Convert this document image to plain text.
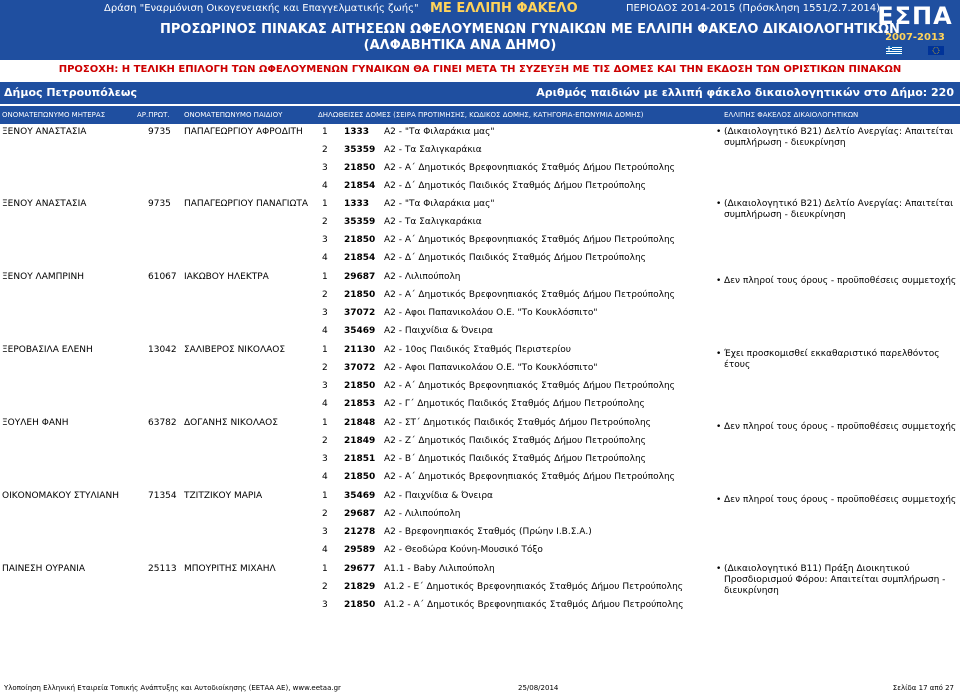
Δράση "Εναρμόνιση Οικογενειακής και Επαγγελματικής ζωής" ΜΕ ΕΛΛΙΠΗ ΦΑΚΕΛΟ	ΠΕΡΙΟΔΟΣ 2014-2015 (Πρόσκληση 1551/2.7.2014)
ΠΡΟΣΩΡΙΝΟΣ ΠΙΝΑΚΑΣ ΑΙΤΗΣΕΩΝ ΩΦΕΛΟΥΜΕΝΩΝ ΓΥΝΑΙΚΩΝ ΜΕ ΕΛΛΙΠΗ ΦΑΚΕΛΟ ΔΙΚΑΙΟΛΟΓΗΤΙΚΩΝ
(ΑΛΦΑΒΗΤΙΚΑ ΑΝΑ ΔΗΜΟ)
ΕΣΠΑ
2007-2013
ΠΡΟΣΟΧΗ: Η ΤΕΛΙΚΗ ΕΠΙΛΟΓΗ ΤΩΝ ΩΦΕΛΟΥΜΕΝΩΝ ΓΥΝΑΙΚΩΝ ΘΑ ΓΙΝΕΙ ΜΕΤΑ ΤΗ ΣΥΖΕΥΞΗ ΜΕ ΤΙΣ ΔΟΜΕΣ ΚΑΙ ΤΗΝ ΕΚΔΟΣΗ ΤΩΝ ΟΡΙΣΤΙΚΩΝ ΠΙΝΑΚΩΝ
Δήμος Πετρουπόλεως	Αριθμός παιδιών με ελλιπή φάκελο δικαιολογητικών στο Δήμο: 220
ΟΝΟΜΑΤΕΠΩΝΥΜΟ ΜΗΤΕΡΑΣ	ΑΡ.ΠΡΩΤ. ΟΝΟΜΑΤΕΠΩΝΥΜΟ ΠΑΙΔΙΟΥ	ΔΗΛΩΘΕΙΣΕΣ ΔΟΜΕΣ (ΣΕΙΡΑ ΠΡΟΤΙΜΗΣΗΣ, ΚΩΔΙΚΟΣ ΔΟΜΗΣ, ΚΑΤΗΓΟΡΙΑ-ΕΠΩΝΥΜΙΑ ΔΟΜΗΣ)	ΕΛΛΙΠΗΣ ΦΑΚΕΛΟΣ ΔΙΚΑΙΟΛΟΓΗΤΙΚΩΝ
ΞΕΝΟΥ ΑΝΑΣΤΑΣΙΑ	9735 ΠΑΠΑΓΕΩΡΓΙΟΥ ΑΦΡΟΔΙΤΗ 1 1333 Α2 - "Τα Φιλαράκια μας"
2 35359 Α2 - Τα Σαλιγκαράκια
3 21850 Α2 - Α΄ Δημοτικός Βρεφονηπιακός Σταθμός Δήμου Πετρούπολης
4 21854 Α2 - Δ΄ Δημοτικός Παιδικός Σταθμός Δήμου Πετρούπολης
• (Δικαιολογητικό Β21) Δελτίο Ανεργίας: Απαιτείται συμπλήρωση - διευκρίνηση
ΞΕΝΟΥ ΑΝΑΣΤΑΣΙΑ	9735 ΠΑΠΑΓΕΩΡΓΙΟΥ ΠΑΝΑΓΙΩΤΑ 1 1333 Α2 - "Τα Φιλαράκια μας"
2 35359 Α2 - Τα Σαλιγκαράκια
3 21850 Α2 - Α΄ Δημοτικός Βρεφονηπιακός Σταθμός Δήμου Πετρούπολης
4 21854 Α2 - Δ΄ Δημοτικός Παιδικός Σταθμός Δήμου Πετρούπολης
• (Δικαιολογητικό Β21) Δελτίο Ανεργίας: Απαιτείται συμπλήρωση - διευκρίνηση
ΞΕΝΟΥ ΛΑΜΠΡΙΝΗ	61067 ΙΑΚΩΒΟΥ ΗΛΕΚΤΡΑ	1 29687 Α2 - Λιλιπούπολη
2 21850 Α2 - Α΄ Δημοτικός Βρεφονηπιακός Σταθμός Δήμου Πετρούπολης
3 37072 Α2 - Αφοι Παπανικολάου Ο.Ε. "Το Κουκλόσπιτο"
4 35469 Α2 - Παιχνίδια & Όνειρα
• Δεν πληροί τους όρους - προϋποθέσεις συμμετοχής
ΞΕΡΟΒΑΣΙΛΑ ΕΛΕΝΗ	13042 ΣΑΛΙΒΕΡΟΣ ΝΙΚΟΛΑΟΣ	1 21130 Α2 - 10ος Παιδικός Σταθμός Περιστερίου
2 37072 Α2 - Αφοι Παπανικολάου Ο.Ε. "Το Κουκλόσπιτο"
3 21850 Α2 - Α΄ Δημοτικός Βρεφονηπιακός Σταθμός Δήμου Πετρούπολης
4 21853 Α2 - Γ΄ Δημοτικός Παιδικός Σταθμός Δήμου Πετρούπολης
• Έχει προσκομισθεί εκκαθαριστικό παρελθόντος έτους
ΞΟΥΛΕΗ ΦΑΝΗ	63782 ΔΟΓΑΝΗΣ ΝΙΚΟΛΑΟΣ	1 21848 Α2 - ΣΤ΄ Δημοτικός Παιδικός Σταθμός Δήμου Πετρούπολης
2 21849 Α2 - Ζ΄ Δημοτικός Παιδικός Σταθμός Δήμου Πετρούπολης
3 21851 Α2 - Β΄ Δημοτικός Παιδικός Σταθμός Δήμου Πετρούπολης
4 21850 Α2 - Α΄ Δημοτικός Βρεφονηπιακός Σταθμός Δήμου Πετρούπολης
• Δεν πληροί τους όρους - προϋποθέσεις συμμετοχής
ΟΙΚΟΝΟΜΑΚΟΥ ΣΤΥΛΙΑΝΗ	71354 ΤΖΙΤΖΙΚΟΥ ΜΑΡΙΑ	1 35469 Α2 - Παιχνίδια & Όνειρα
2 29687 Α2 - Λιλιπούπολη
3 21278 Α2 - Βρεφονηπιακός Σταθμός (Πρώην Ι.Β.Σ.Α.)
4 29589 Α2 - Θεοδώρα Κούνη-Μουσικό Τόξο
• Δεν πληροί τους όρους - προϋποθέσεις συμμετοχής
ΠΑΙΝΕΣΗ ΟΥΡΑΝΙΑ	25113 ΜΠΟΥΡΙΤΗΣ ΜΙΧΑΗΛ	1 29677 Α1.1 - Baby Λιλιπούπολη
2 21829 Α1.2 - Ε΄ Δημοτικός Βρεφονηπιακός Σταθμός Δήμου Πετρούπολης
3 21850 Α1.2 - Α΄ Δημοτικός Βρεφονηπιακός Σταθμός Δήμου Πετρούπολης
• (Δικαιολογητικό Β11) Πράξη Διοικητικού Προσδιορισμού Φόρου: Απαιτείται συμπλήρωση - διευκρίνηση
Υλοποίηση Ελληνική Εταιρεία Τοπικής Ανάπτυξης και Αυτοδιοίκησης (ΕΕΤΑΑ ΑΕ), www.eetaa.gr	25/08/2014	Σελίδα 17 από 27
